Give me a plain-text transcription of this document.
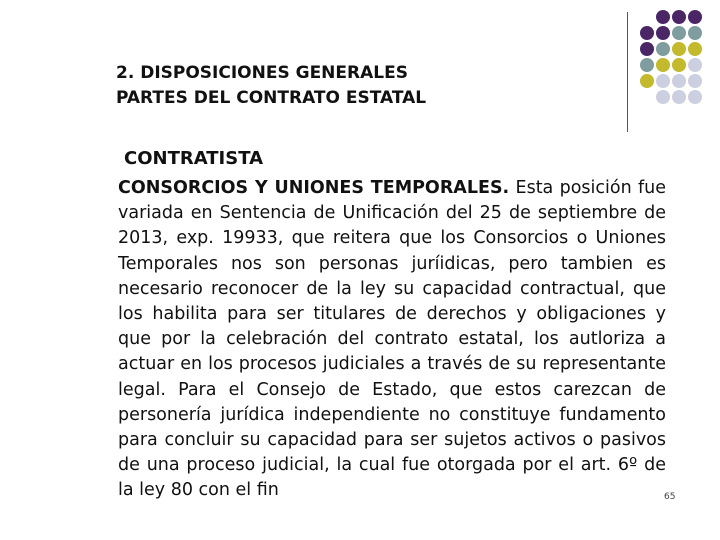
2. DISPOSICIONES GENERALES
PARTES DEL CONTRATO ESTATAL
CONTRATISTA
CONSORCIOS Y UNIONES TEMPORALES. Esta posición fue variada en Sentencia de Unificación del 25 de septiembre de 2013, exp. 19933, que reitera que los Consorcios o Uniones Temporales nos son personas juríidicas, pero tambien es necesario reconocer de la ley su capacidad contractual, que los habilita para ser titulares de derechos y obligaciones y que por la celebración del contrato estatal, los autloriza a actuar en los procesos judiciales a través de su representante legal. Para el Consejo de Estado, que estos carezcan de personería jurídica independiente no constituye fundamento para concluir su capacidad para ser sujetos activos o pasivos de una proceso judicial, la cual fue otorgada por el art. 6º de la ley 80 con el fin	65
